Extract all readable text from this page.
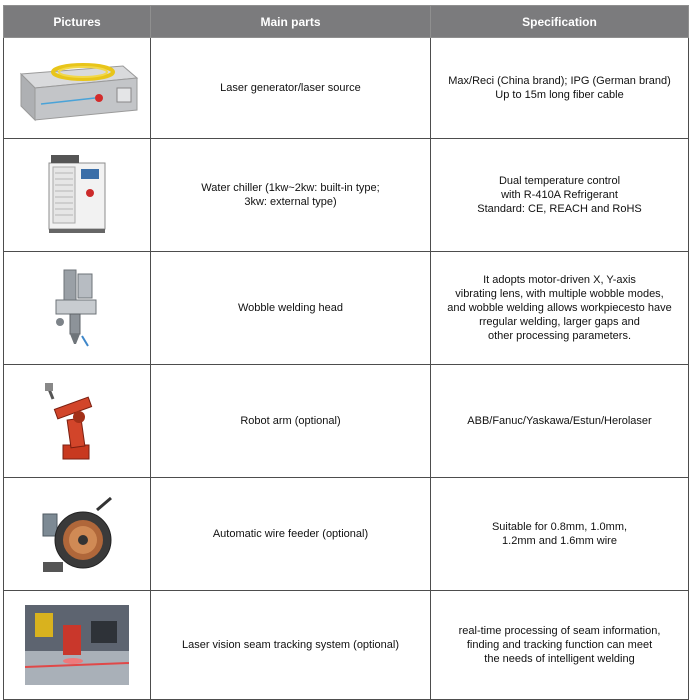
Pictures	Main parts	Specification

	Laser generator/laser source	Max/Reci (China brand); IPG (German brand)
Up to 15m long fiber cable

	Water chiller (1kw~2kw: built-in type;
3kw: external type)	Dual temperature control
with R-410A Refrigerant
Standard: CE, REACH and RoHS

	Wobble welding head	It adopts motor-driven X, Y-axis
vibrating lens, with multiple wobble modes,
and wobble welding allows workpiecesto have
rregular welding, larger gaps and
other processing parameters.

	Robot arm (optional)	ABB/Fanuc/Yaskawa/Estun/Herolaser

	Automatic wire feeder (optional)	Suitable for 0.8mm, 1.0mm,
1.2mm and 1.6mm wire

	Laser vision seam tracking system (optional)	real-time processing of seam information,
finding and tracking function can meet
the needs of intelligent welding
